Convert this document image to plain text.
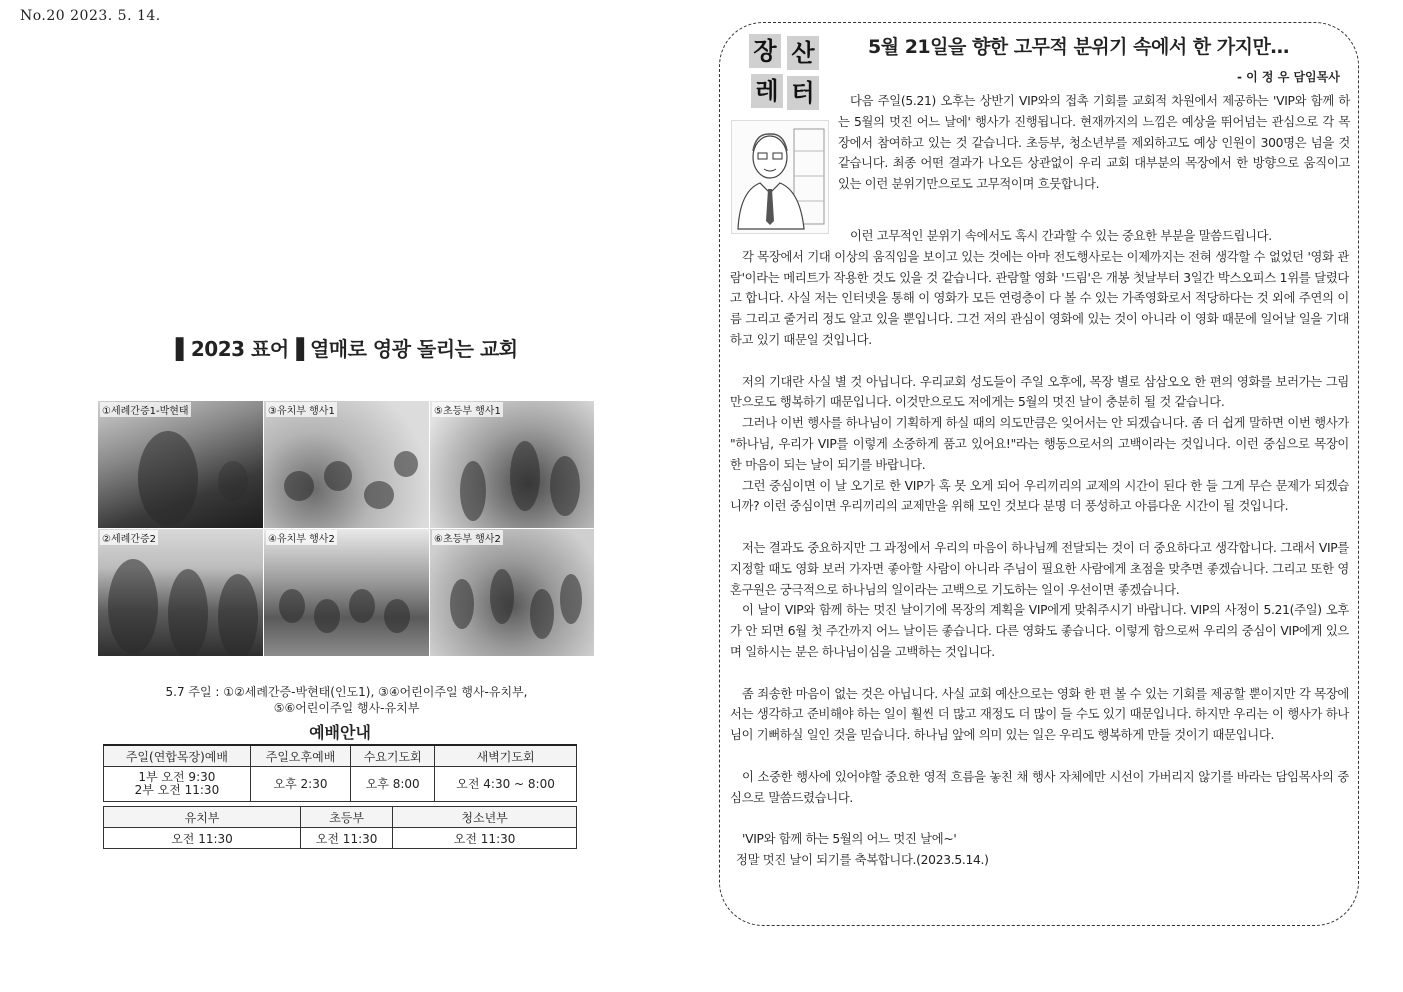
No.20 2023. 5. 14.
▌2023 표어▐ 열매로 영광 돌리는 교회
①세례간증1-박현태	③유치부 행사1	⑤초등부 행사1
②세례간증2	④유치부 행사2	⑥초등부 행사2
5.7 주일 : ①②세례간증-박현태(인도1), ③④어린이주일 행사-유치부,
⑤⑥어린이주일 행사-유치부
예배안내					
주일(연합목장)예배	주일오후예배		수요기도회		새벽기도회

1부 오전 9:30
2부 오전 11:30	오후 2:30		오후 8:00		오전 4:30 ~ 8:00

유치부		초등부		청소년부	
오전 11:30		오전 11:30		오전 11:30	
장 산
레 터
5월 21일을 향한 고무적 분위기 속에서 한 가지만…
- 이 정 우 담임목사

다음 주일(5.21) 오후는 상반기 VIP와의 접촉 기회를 교회적 차원에서 제공하는 'VIP와 함께 하는 5월의 멋진 어느 날에' 행사가 진행됩니다. 현재까지의 느낌은 예상을 뛰어넘는 관심으로 각 목장에서 참여하고 있는 것 같습니다. 초등부, 청소년부를 제외하고도 예상 인원이 300명은 넘을 것 같습니다. 최종 어떤 결과가 나오든 상관없이 우리 교회 대부분의 목장에서 한 방향으로 움직이고 있는 이런 분위기만으로도 고무적이며 흐뭇합니다.

이런 고무적인 분위기 속에서도 혹시 간과할 수 있는 중요한 부분을 말씀드립니다.

각 목장에서 기대 이상의 움직임을 보이고 있는 것에는 아마 전도행사로는 이제까지는 전혀 생각할 수 없었던 '영화 관람'이라는 메리트가 작용한 것도 있을 것 같습니다. 관람할 영화 '드림'은 개봉 첫날부터 3일간 박스오피스 1위를 달렸다고 합니다. 사실 저는 인터넷을 통해 이 영화가 모든 연령층이 다 볼 수 있는 가족영화로서 적당하다는 것 외에 주연의 이름 그리고 줄거리 정도 알고 있을 뿐입니다. 그건 저의 관심이 영화에 있는 것이 아니라 이 영화 때문에 일어날 일을 기대하고 있기 때문일 것입니다.

저의 기대란 사실 별 것 아닙니다. 우리교회 성도들이 주일 오후에, 목장 별로 삼삼오오 한 편의 영화를 보러가는 그림만으로도 행복하기 때문입니다. 이것만으로도 저에게는 5월의 멋진 날이 충분히 될 것 같습니다.

그러나 이번 행사를 하나님이 기획하게 하실 때의 의도만큼은 잊어서는 안 되겠습니다. 좀 더 쉽게 말하면 이번 행사가 "하나님, 우리가 VIP를 이렇게 소중하게 품고 있어요!"라는 행동으로서의 고백이라는 것입니다. 이런 중심으로 목장이 한 마음이 되는 날이 되기를 바랍니다.

그런 중심이면 이 날 오기로 한 VIP가 혹 못 오게 되어 우리끼리의 교제의 시간이 된다 한 들 그게 무슨 문제가 되겠습니까? 이런 중심이면 우리끼리의 교제만을 위해 모인 것보다 분명 더 풍성하고 아름다운 시간이 될 것입니다.

저는 결과도 중요하지만 그 과정에서 우리의 마음이 하나님께 전달되는 것이 더 중요하다고 생각합니다. 그래서 VIP를 지정할 때도 영화 보러 가자면 좋아할 사람이 아니라 주님이 필요한 사람에게 초점을 맞추면 좋겠습니다. 그리고 또한 영혼구원은 궁극적으로 하나님의 일이라는 고백으로 기도하는 일이 우선이면 좋겠습니다.

이 날이 VIP와 함께 하는 멋진 날이기에 목장의 계획을 VIP에게 맞춰주시기 바랍니다. VIP의 사정이 5.21(주일) 오후가 안 되면 6월 첫 주간까지 어느 날이든 좋습니다. 다른 영화도 좋습니다. 이렇게 함으로써 우리의 중심이 VIP에게 있으며 일하시는 분은 하나님이심을 고백하는 것입니다.

좀 죄송한 마음이 없는 것은 아닙니다. 사실 교회 예산으로는 영화 한 편 볼 수 있는 기회를 제공할 뿐이지만 각 목장에서는 생각하고 준비해야 하는 일이 훨씬 더 많고 재정도 더 많이 들 수도 있기 때문입니다. 하지만 우리는 이 행사가 하나님이 기뻐하실 일인 것을 믿습니다. 하나님 앞에 의미 있는 일은 우리도 행복하게 만들 것이기 때문입니다.

이 소중한 행사에 있어야할 중요한 영적 흐름을 놓친 채 행사 자체에만 시선이 가버리지 않기를 바라는 담임목사의 중심으로 말씀드렸습니다.

'VIP와 함께 하는 5월의 어느 멋진 날에~'

정말 멋진 날이 되기를 축복합니다.(2023.5.14.)
